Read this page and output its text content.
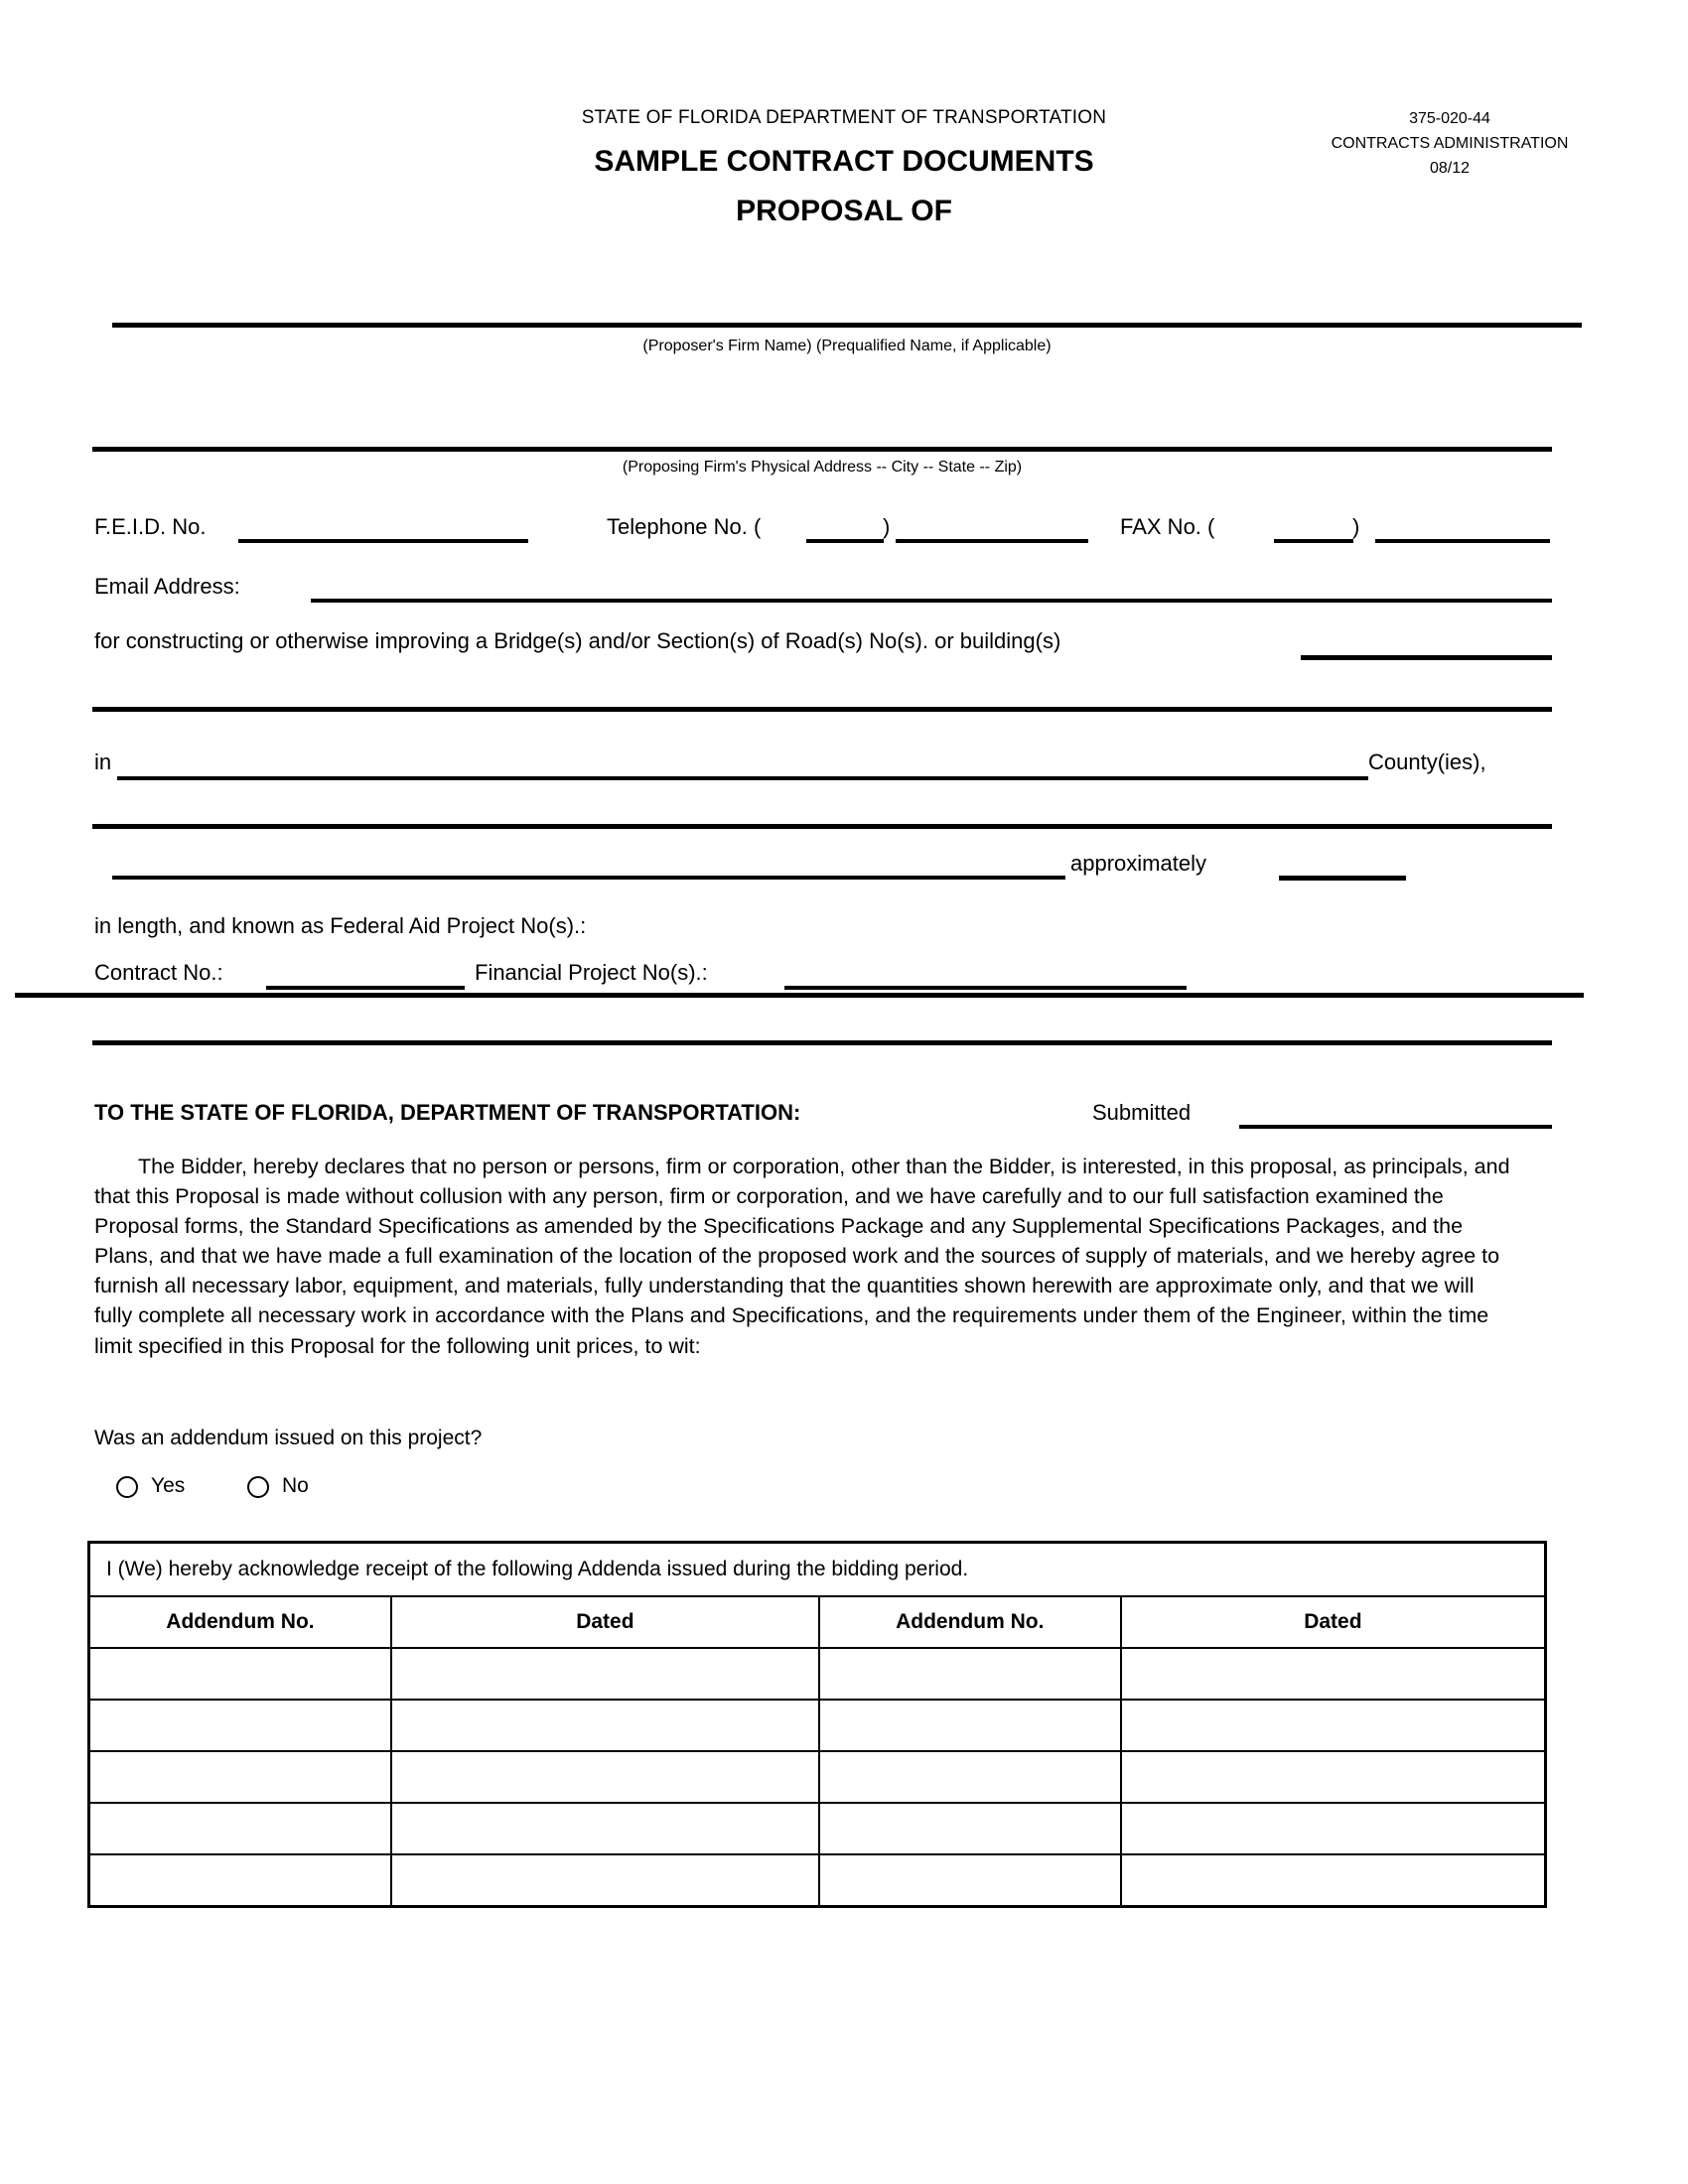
STATE OF FLORIDA DEPARTMENT OF TRANSPORTATION
SAMPLE CONTRACT DOCUMENTS
PROPOSAL OF
375-020-44
CONTRACTS ADMINISTRATION
08/12
(Proposer's Firm Name) (Prequalified Name, if Applicable)
(Proposing Firm's Physical Address -- City -- State -- Zip)
F.E.I.D. No.	Telephone No. (	)	FAX No. (	)
Email Address:
for constructing or otherwise improving a Bridge(s) and/or Section(s) of Road(s) No(s). or building(s)
in	County(ies),
approximately
in length, and known as Federal Aid Project No(s).:
Contract No.:	Financial Project No(s).:
TO THE STATE OF FLORIDA, DEPARTMENT OF TRANSPORTATION:	Submitted
The Bidder, hereby declares that no person or persons, firm or corporation, other than the Bidder, is interested, in this proposal, as principals, and that this Proposal is made without collusion with any person, firm or corporation, and we have carefully and to our full satisfaction examined the Proposal forms, the Standard Specifications as amended by the Specifications Package and any Supplemental Specifications Packages, and the Plans, and that we have made a full examination of the location of the proposed work and the sources of supply of materials, and we hereby agree to furnish all necessary labor, equipment, and materials, fully understanding that the quantities shown herewith are approximate only, and that we will fully complete all necessary work in accordance with the Plans and Specifications, and the requirements under them of the Engineer, within the time limit specified in this Proposal for the following unit prices, to wit:
Was an addendum issued on this project?
Yes	No
I (We) hereby acknowledge receipt of the following Addenda issued during the bidding period.			
Addendum No.	Dated	Addendum No.	Dated
